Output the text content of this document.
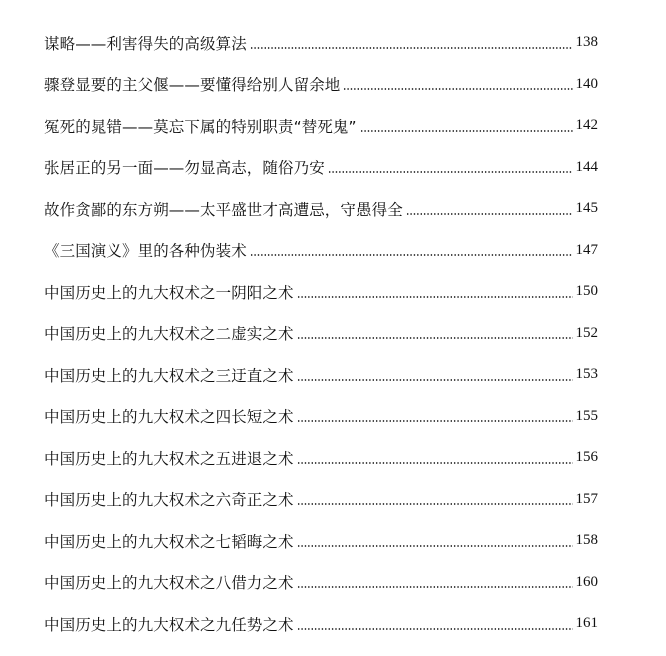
谋略——利害得失的高级算法	138
骤登显要的主父偃——要懂得给别人留余地	140
冤死的晁错——莫忘下属的特别职责“替死鬼”	142
张居正的另一面——勿显高志，随俗乃安	144
故作贪鄙的东方朔——太平盛世才高遭忌，守愚得全	145
《三国演义》里的各种伪装术	147
中国历史上的九大权术之一阴阳之术	150
中国历史上的九大权术之二虚实之术	152
中国历史上的九大权术之三迂直之术	153
中国历史上的九大权术之四长短之术	155
中国历史上的九大权术之五进退之术	156
中国历史上的九大权术之六奇正之术	157
中国历史上的九大权术之七韬晦之术	158
中国历史上的九大权术之八借力之术	160
中国历史上的九大权术之九任势之术	161
